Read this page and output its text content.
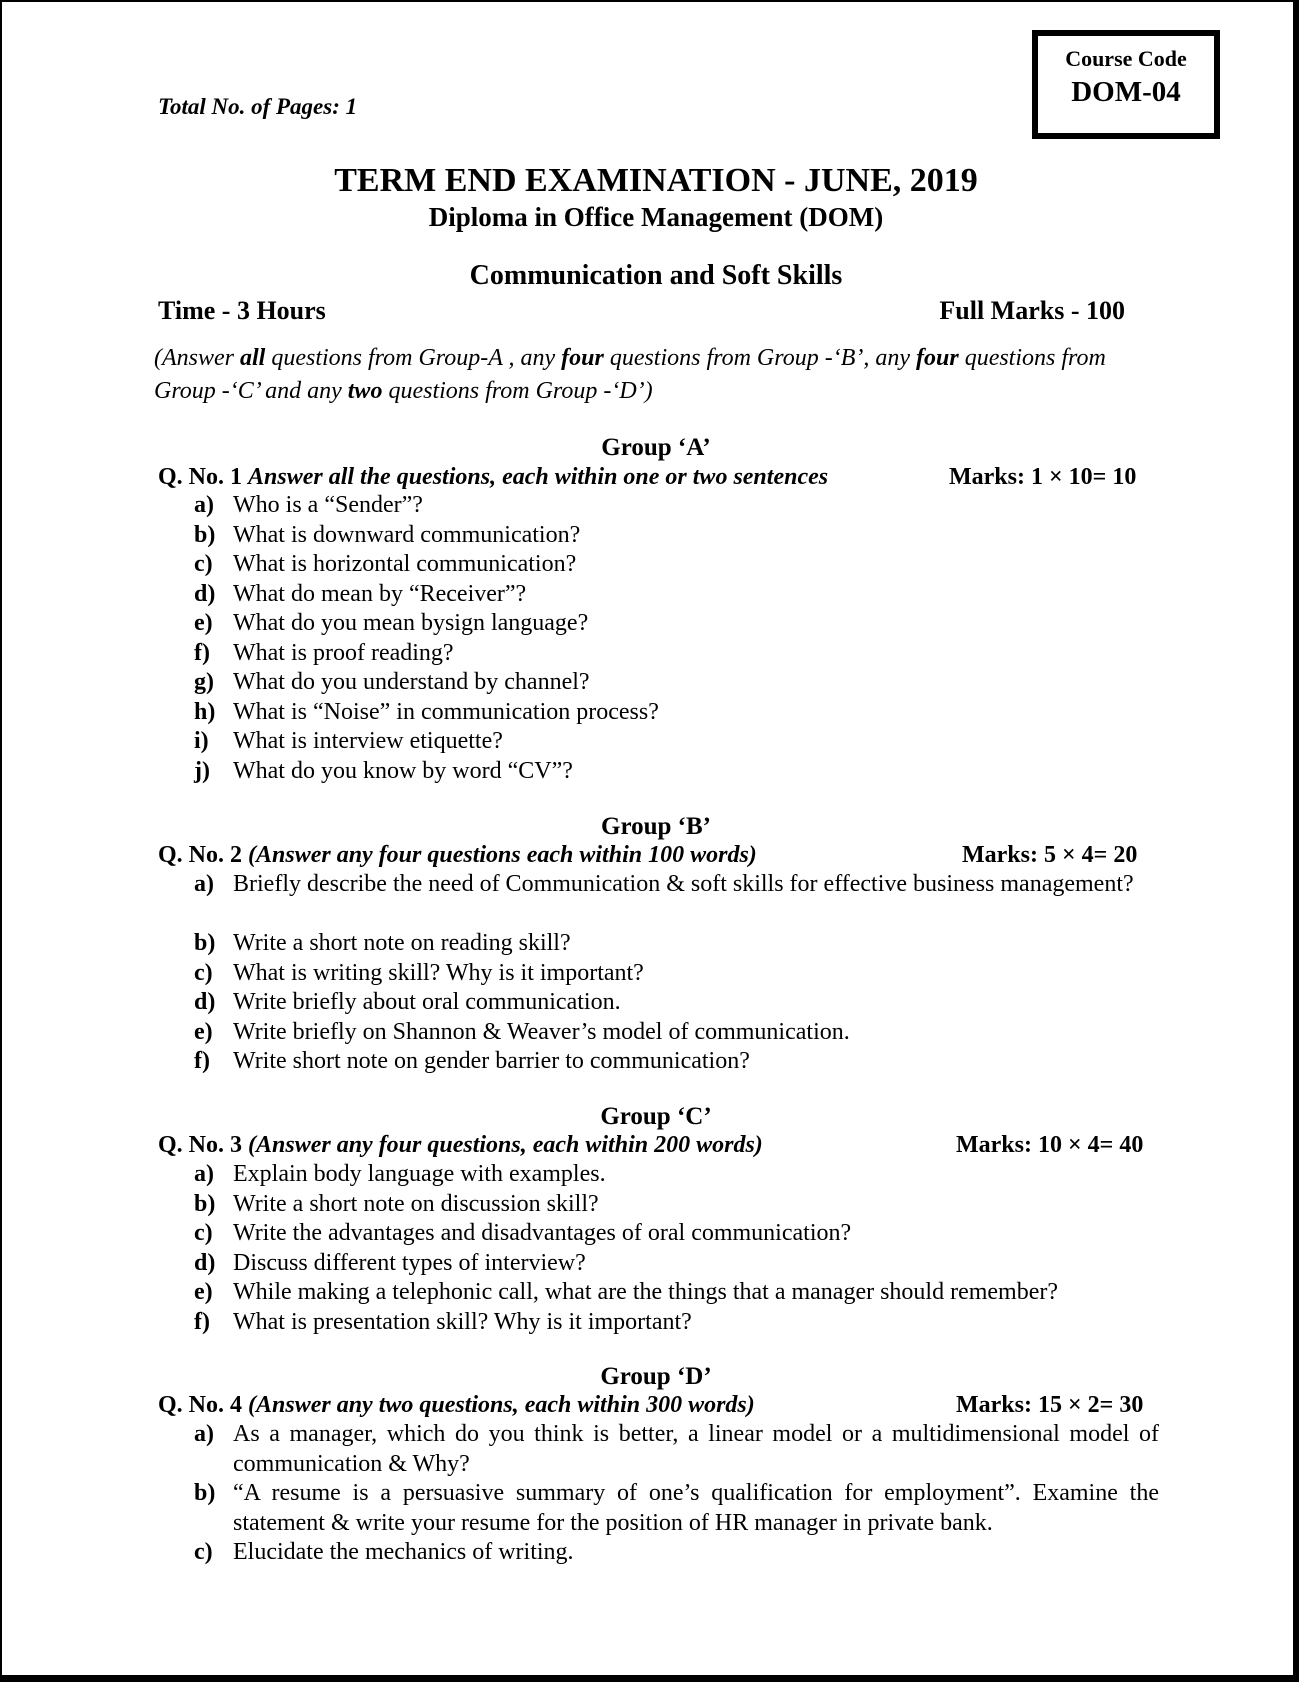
Course Code
DOM-04
Total No. of Pages: 1
TERM END EXAMINATION - JUNE, 2019
Diploma in Office Management (DOM)
Communication and Soft Skills
Time - 3 Hours	Full Marks - 100
(Answer all questions from Group-A , any four questions from Group -‘B’, any four questions from Group -‘C’ and any two questions from Group -‘D’)
Group ‘A’
Q. No. 1 Answer all the questions, each within one or two sentences	Marks: 1 × 10= 10
a) Who is a “Sender”?
b) What is downward communication?
c) What is horizontal communication?
d) What do mean by “Receiver”?
e) What do you mean bysign language?
f) What is proof reading?
g) What do you understand by channel?
h) What is “Noise” in communication process?
i)	What is interview etiquette?
j) What do you know by word “CV”?
Group ‘B’
Q. No. 2 (Answer any four questions each within 100 words)	Marks: 5 × 4= 20
a) Briefly describe the need of Communication & soft skills for effective business management?
b) Write a short note on reading skill?
c) What is writing skill? Why is it important?
d) Write briefly about oral communication.
e) Write briefly on Shannon & Weaver’s model of communication.
f) Write short note on gender barrier to communication?
Group ‘C’
Q. No. 3 (Answer any four questions, each within 200 words)	Marks: 10 × 4= 40
a) Explain body language with examples.
b) Write a short note on discussion skill?
c) Write the advantages and disadvantages of oral communication?
d) Discuss different types of interview?
e) While making a telephonic call, what are the things that a manager should remember?
f) What is presentation skill? Why is it important?
Group ‘D’
Q. No. 4 (Answer any two questions, each within 300 words)	Marks: 15 × 2= 30
a) As a manager, which do you think is better, a linear model or a multidimensional model of communication & Why?
b) “A resume is a persuasive summary of one’s qualification for employment”. Examine the statement & write your resume for the position of HR manager in private bank.
c) Elucidate the mechanics of writing.
